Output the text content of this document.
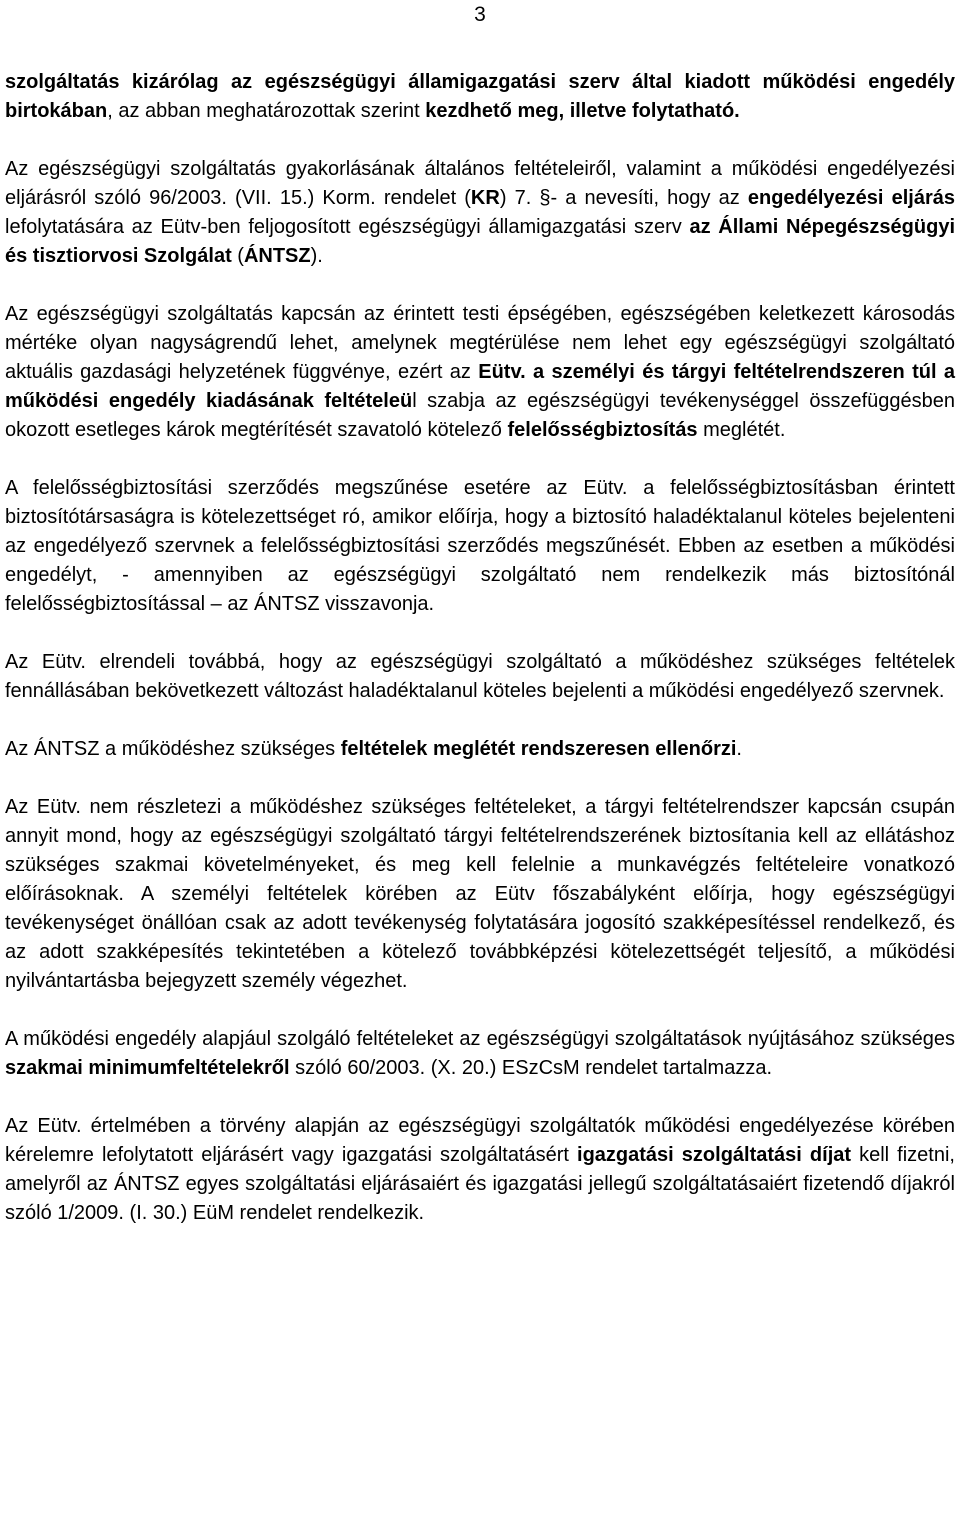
3

szolgáltatás kizárólag az egészségügyi államigazgatási szerv által kiadott működési engedély birtokában, az abban meghatározottak szerint kezdhető meg, illetve folytatható.

Az egészségügyi szolgáltatás gyakorlásának általános feltételeiről, valamint a működési engedélyezési eljárásról szóló 96/2003. (VII. 15.) Korm. rendelet (KR) 7. §- a nevesíti, hogy az engedélyezési eljárás lefolytatására az Eütv-ben feljogosított egészségügyi államigazgatási szerv az Állami Népegészségügyi és tisztiorvosi Szolgálat (ÁNTSZ).

Az egészségügyi szolgáltatás kapcsán az érintett testi épségében, egészségében keletkezett károsodás mértéke olyan nagyságrendű lehet, amelynek megtérülése nem lehet egy egészségügyi szolgáltató aktuális gazdasági helyzetének függvénye, ezért az Eütv. a személyi és tárgyi feltételrendszeren túl a működési engedély kiadásának feltételeül szabja az egészségügyi tevékenységgel összefüggésben okozott esetleges károk megtérítését szavatoló kötelező felelősségbiztosítás meglétét.

A felelősségbiztosítási szerződés megszűnése esetére az Eütv. a felelősségbiztosításban érintett biztosítótársaságra is kötelezettséget ró, amikor előírja, hogy a biztosító haladéktalanul köteles bejelenteni az engedélyező szervnek a felelősségbiztosítási szerződés megszűnését. Ebben az esetben a működési engedélyt, - amennyiben az egészségügyi szolgáltató nem rendelkezik más biztosítónál felelősségbiztosítással – az ÁNTSZ visszavonja.

Az Eütv. elrendeli továbbá, hogy az egészségügyi szolgáltató a működéshez szükséges feltételek fennállásában bekövetkezett változást haladéktalanul köteles bejelenti a működési engedélyező szervnek.

Az ÁNTSZ a működéshez szükséges feltételek meglétét rendszeresen ellenőrzi.

Az Eütv. nem részletezi a működéshez szükséges feltételeket, a tárgyi feltételrendszer kapcsán csupán annyit mond, hogy az egészségügyi szolgáltató tárgyi feltételrendszerének biztosítania kell az ellátáshoz szükséges szakmai követelményeket, és meg kell felelnie a munkavégzés feltételeire vonatkozó előírásoknak. A személyi feltételek körében az Eütv főszabályként előírja, hogy egészségügyi tevékenységet önállóan csak az adott tevékenység folytatására jogosító szakképesítéssel rendelkező, és az adott szakképesítés tekintetében a kötelező továbbképzési kötelezettségét teljesítő, a működési nyilvántartásba bejegyzett személy végezhet.

A működési engedély alapjául szolgáló feltételeket az egészségügyi szolgáltatások nyújtásához szükséges szakmai minimumfeltételekről szóló 60/2003. (X. 20.) ESzCsM rendelet tartalmazza.

Az Eütv. értelmében a törvény alapján az egészségügyi szolgáltatók működési engedélyezése körében kérelemre lefolytatott eljárásért vagy igazgatási szolgáltatásért igazgatási szolgáltatási díjat kell fizetni, amelyről az ÁNTSZ egyes szolgáltatási eljárásaiért és igazgatási jellegű szolgáltatásaiért fizetendő díjakról szóló 1/2009. (I. 30.) EüM rendelet rendelkezik.
